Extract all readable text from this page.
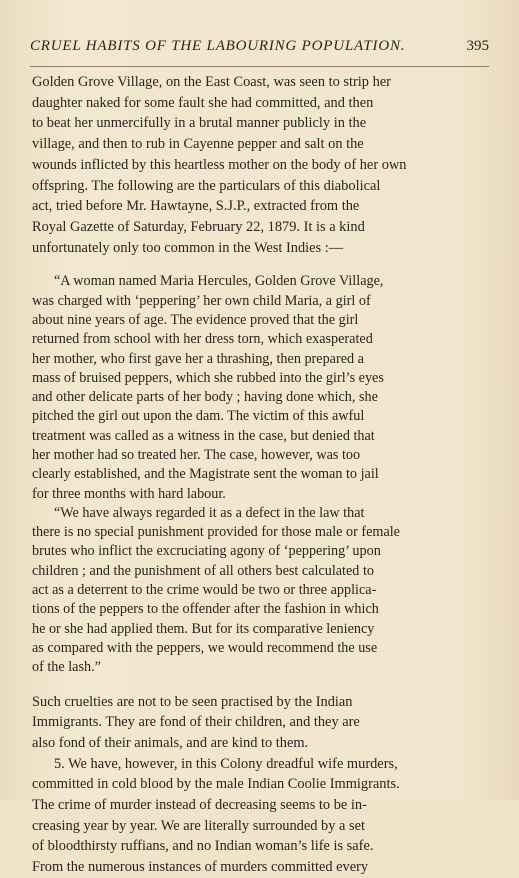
CRUEL HABITS OF THE LABOURING POPULATION.	395
Golden Grove Village, on the East Coast, was seen to strip her
daughter naked for some fault she had committed, and then
to beat her unmercifully in a brutal manner publicly in the
village, and then to rub in Cayenne pepper and salt on the
wounds inflicted by this heartless mother on the body of her own
offspring. The following are the particulars of this diabolical
act, tried before Mr. Hawtayne, S.J.P., extracted from the
Royal Gazette of Saturday, February 22, 1879. It is a kind
unfortunately only too common in the West Indies :—
“A woman named Maria Hercules, Golden Grove Village,
was charged with ‘peppering’ her own child Maria, a girl of
about nine years of age. The evidence proved that the girl
returned from school with her dress torn, which exasperated
her mother, who first gave her a thrashing, then prepared a
mass of bruised peppers, which she rubbed into the girl’s eyes
and other delicate parts of her body ; having done which, she
pitched the girl out upon the dam. The victim of this awful
treatment was called as a witness in the case, but denied that
her mother had so treated her. The case, however, was too
clearly established, and the Magistrate sent the woman to jail
for three months with hard labour.
“We have always regarded it as a defect in the law that
there is no special punishment provided for those male or female
brutes who inflict the excruciating agony of ‘peppering’ upon
children ; and the punishment of all others best calculated to
act as a deterrent to the crime would be two or three applica-
tions of the peppers to the offender after the fashion in which
he or she had applied them. But for its comparative leniency
as compared with the peppers, we would recommend the use
of the lash.”
Such cruelties are not to be seen practised by the Indian
Immigrants. They are fond of their children, and they are
also fond of their animals, and are kind to them.
5. We have, however, in this Colony dreadful wife murders,
committed in cold blood by the male Indian Coolie Immigrants.
The crime of murder instead of decreasing seems to be in-
creasing year by year. We are literally surrounded by a set
of bloodthirsty ruffians, and no Indian woman’s life is safe.
From the numerous instances of murders committed every
